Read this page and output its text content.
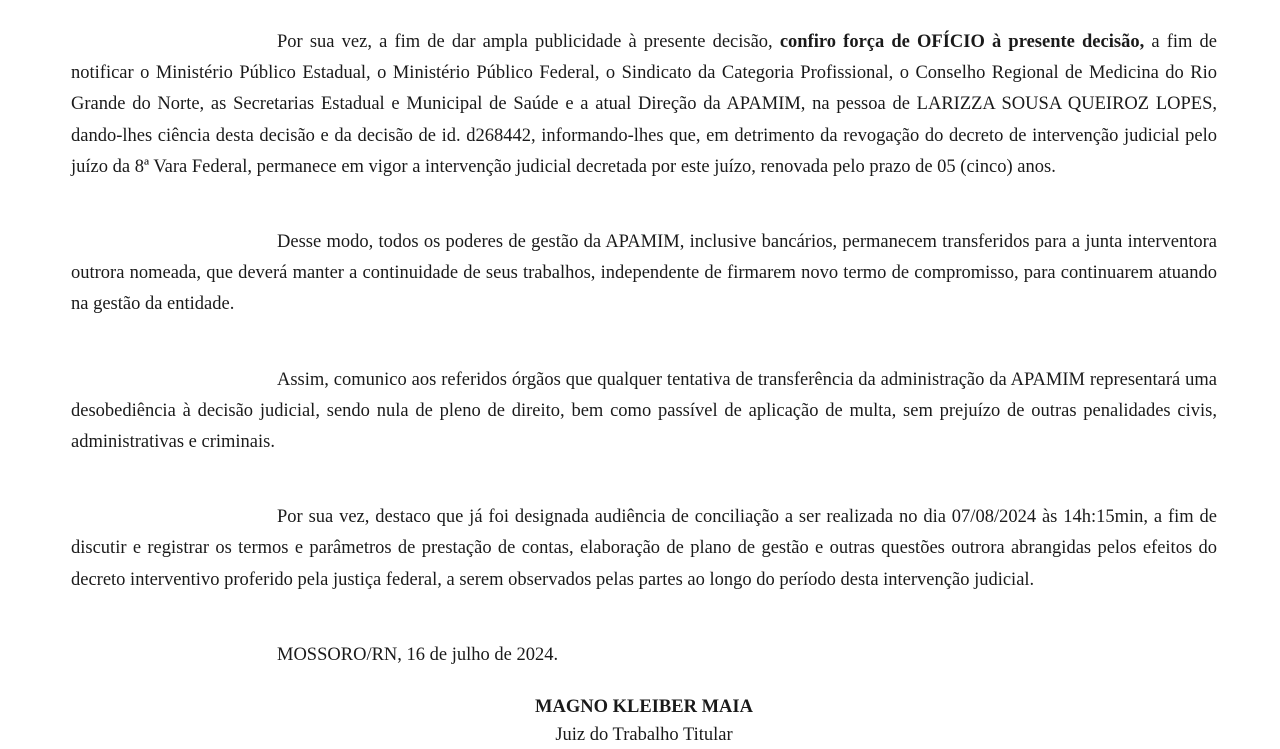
Por sua vez, a fim de dar ampla publicidade à presente decisão, confiro força de OFÍCIO à presente decisão, a fim de notificar o Ministério Público Estadual, o Ministério Público Federal, o Sindicato da Categoria Profissional, o Conselho Regional de Medicina do Rio Grande do Norte, as Secretarias Estadual e Municipal de Saúde e a atual Direção da APAMIM, na pessoa de LARIZZA SOUSA QUEIROZ LOPES, dando-lhes ciência desta decisão e da decisão de id. d268442, informando-lhes que, em detrimento da revogação do decreto de intervenção judicial pelo juízo da 8ª Vara Federal, permanece em vigor a intervenção judicial decretada por este juízo, renovada pelo prazo de 05 (cinco) anos.

Desse modo, todos os poderes de gestão da APAMIM, inclusive bancários, permanecem transferidos para a junta interventora outrora nomeada, que deverá manter a continuidade de seus trabalhos, independente de firmarem novo termo de compromisso, para continuarem atuando na gestão da entidade.

Assim, comunico aos referidos órgãos que qualquer tentativa de transferência da administração da APAMIM representará uma desobediência à decisão judicial, sendo nula de pleno de direito, bem como passível de aplicação de multa, sem prejuízo de outras penalidades civis, administrativas e criminais.

Por sua vez, destaco que já foi designada audiência de conciliação a ser realizada no dia 07/08/2024 às 14h:15min, a fim de discutir e registrar os termos e parâmetros de prestação de contas, elaboração de plano de gestão e outras questões outrora abrangidas pelos efeitos do decreto interventivo proferido pela justiça federal, a serem observados pelas partes ao longo do período desta intervenção judicial.

MOSSORO/RN, 16 de julho de 2024.

MAGNO KLEIBER MAIA

Juiz do Trabalho Titular
